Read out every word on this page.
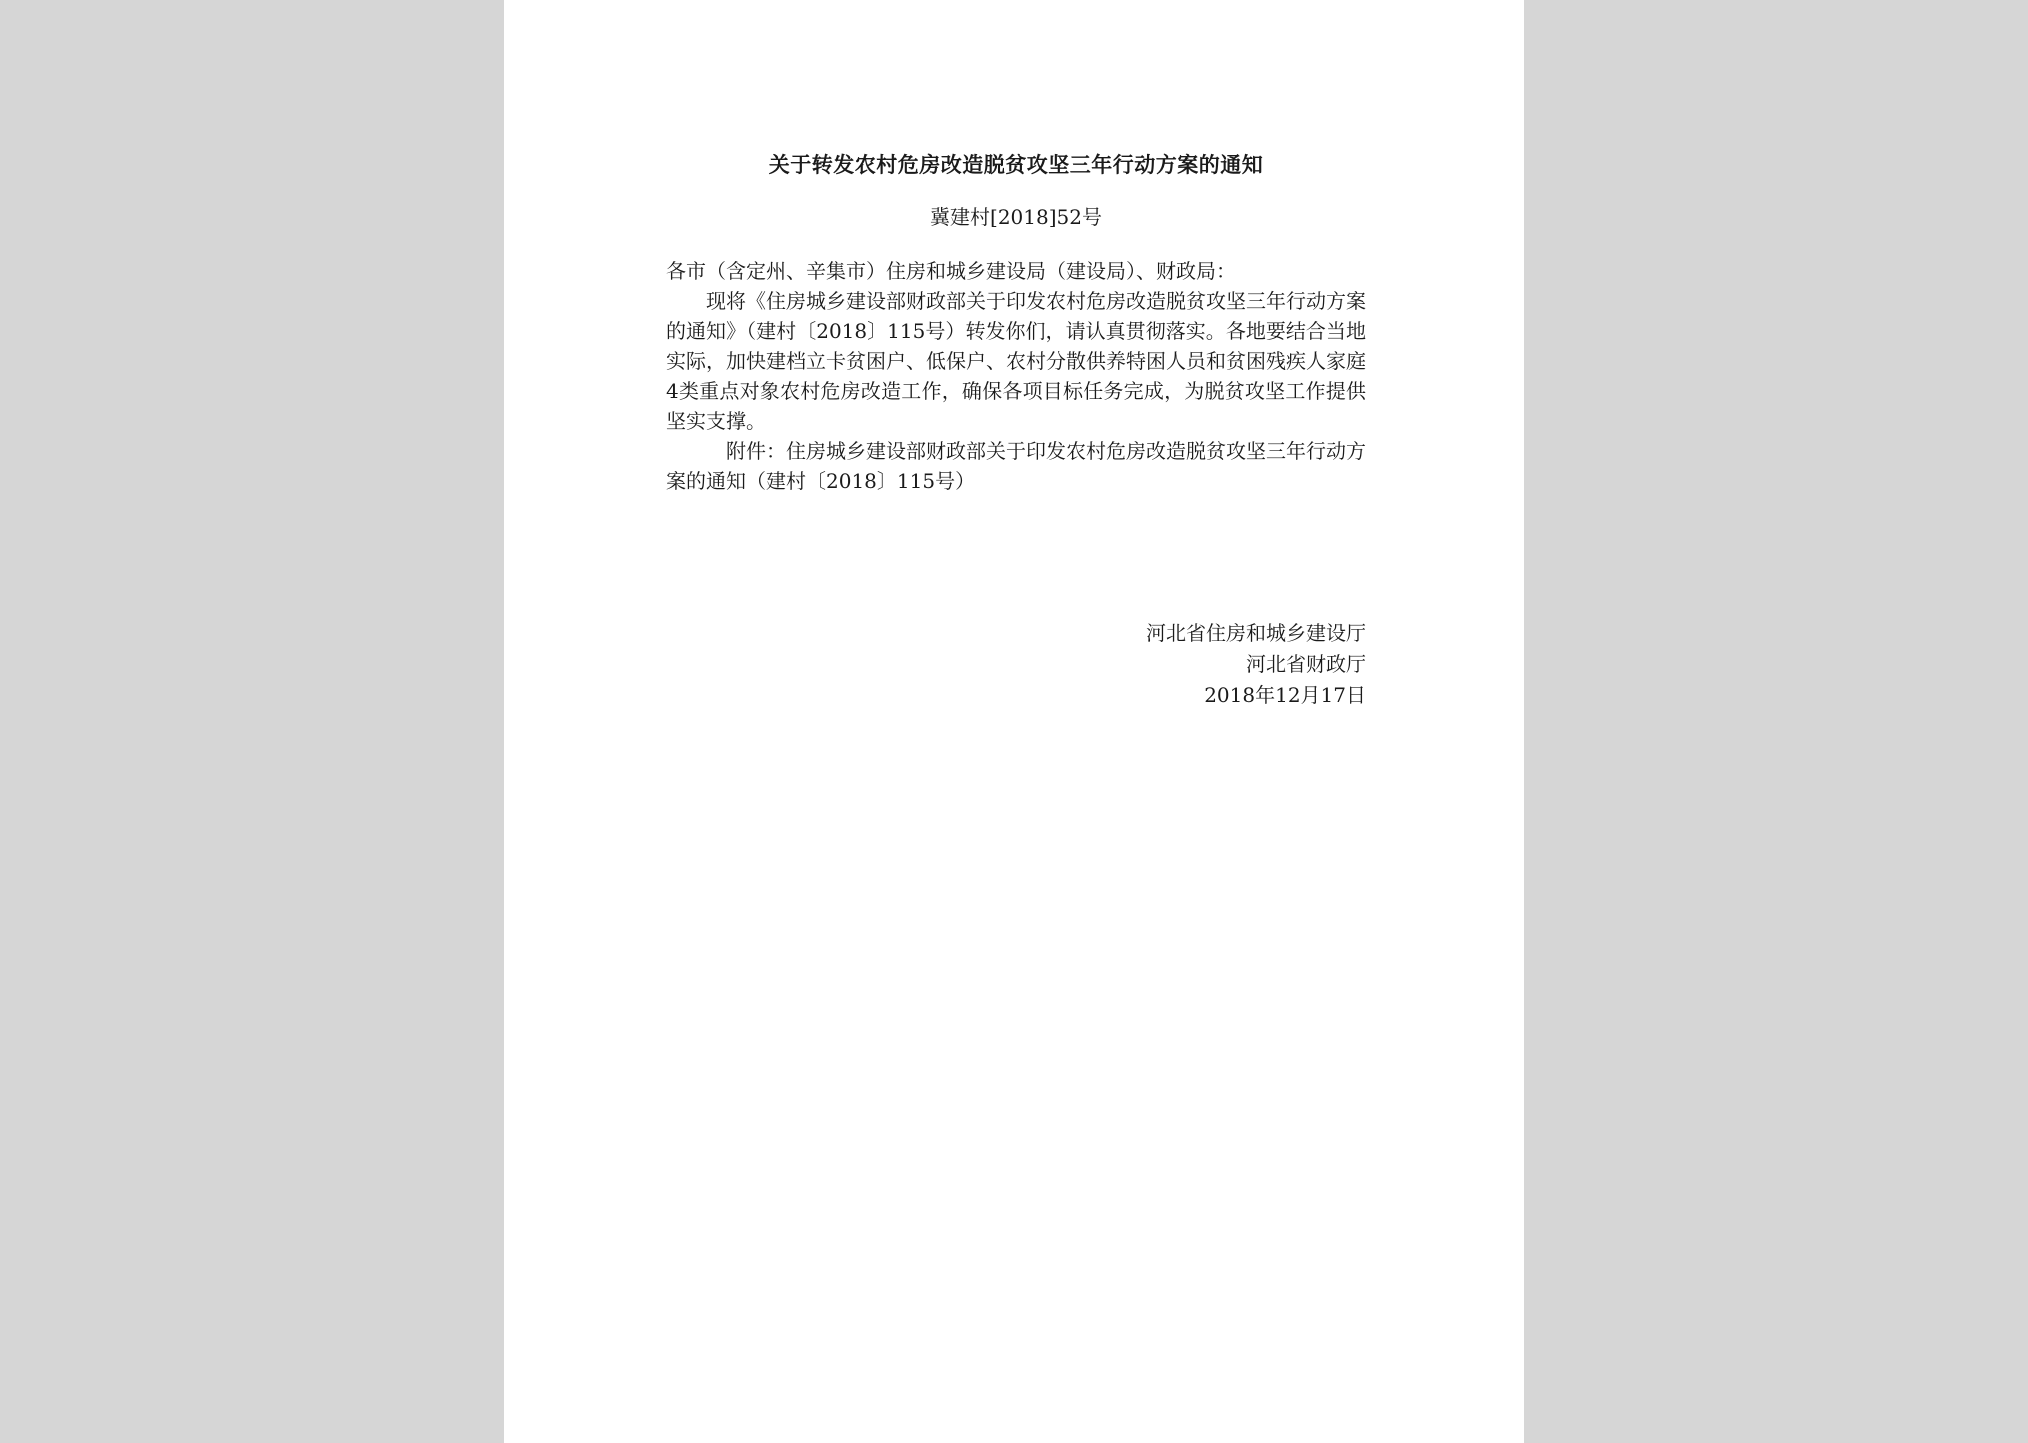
关于转发农村危房改造脱贫攻坚三年行动方案的通知
冀建村[2018]52号

各市（含定州、辛集市）住房和城乡建设局（建设局）、财政局：

现将《住房城乡建设部财政部关于印发农村危房改造脱贫攻坚三年行动方案的通知》（建村〔2018〕115号）转发你们，请认真贯彻落实。各地要结合当地实际，加快建档立卡贫困户、低保户、农村分散供养特困人员和贫困残疾人家庭4类重点对象农村危房改造工作，确保各项目标任务完成，为脱贫攻坚工作提供坚实支撑。

附件：住房城乡建设部财政部关于印发农村危房改造脱贫攻坚三年行动方案的通知（建村〔2018〕115号）

河北省住房和城乡建设厅
河北省财政厅
2018年12月17日
